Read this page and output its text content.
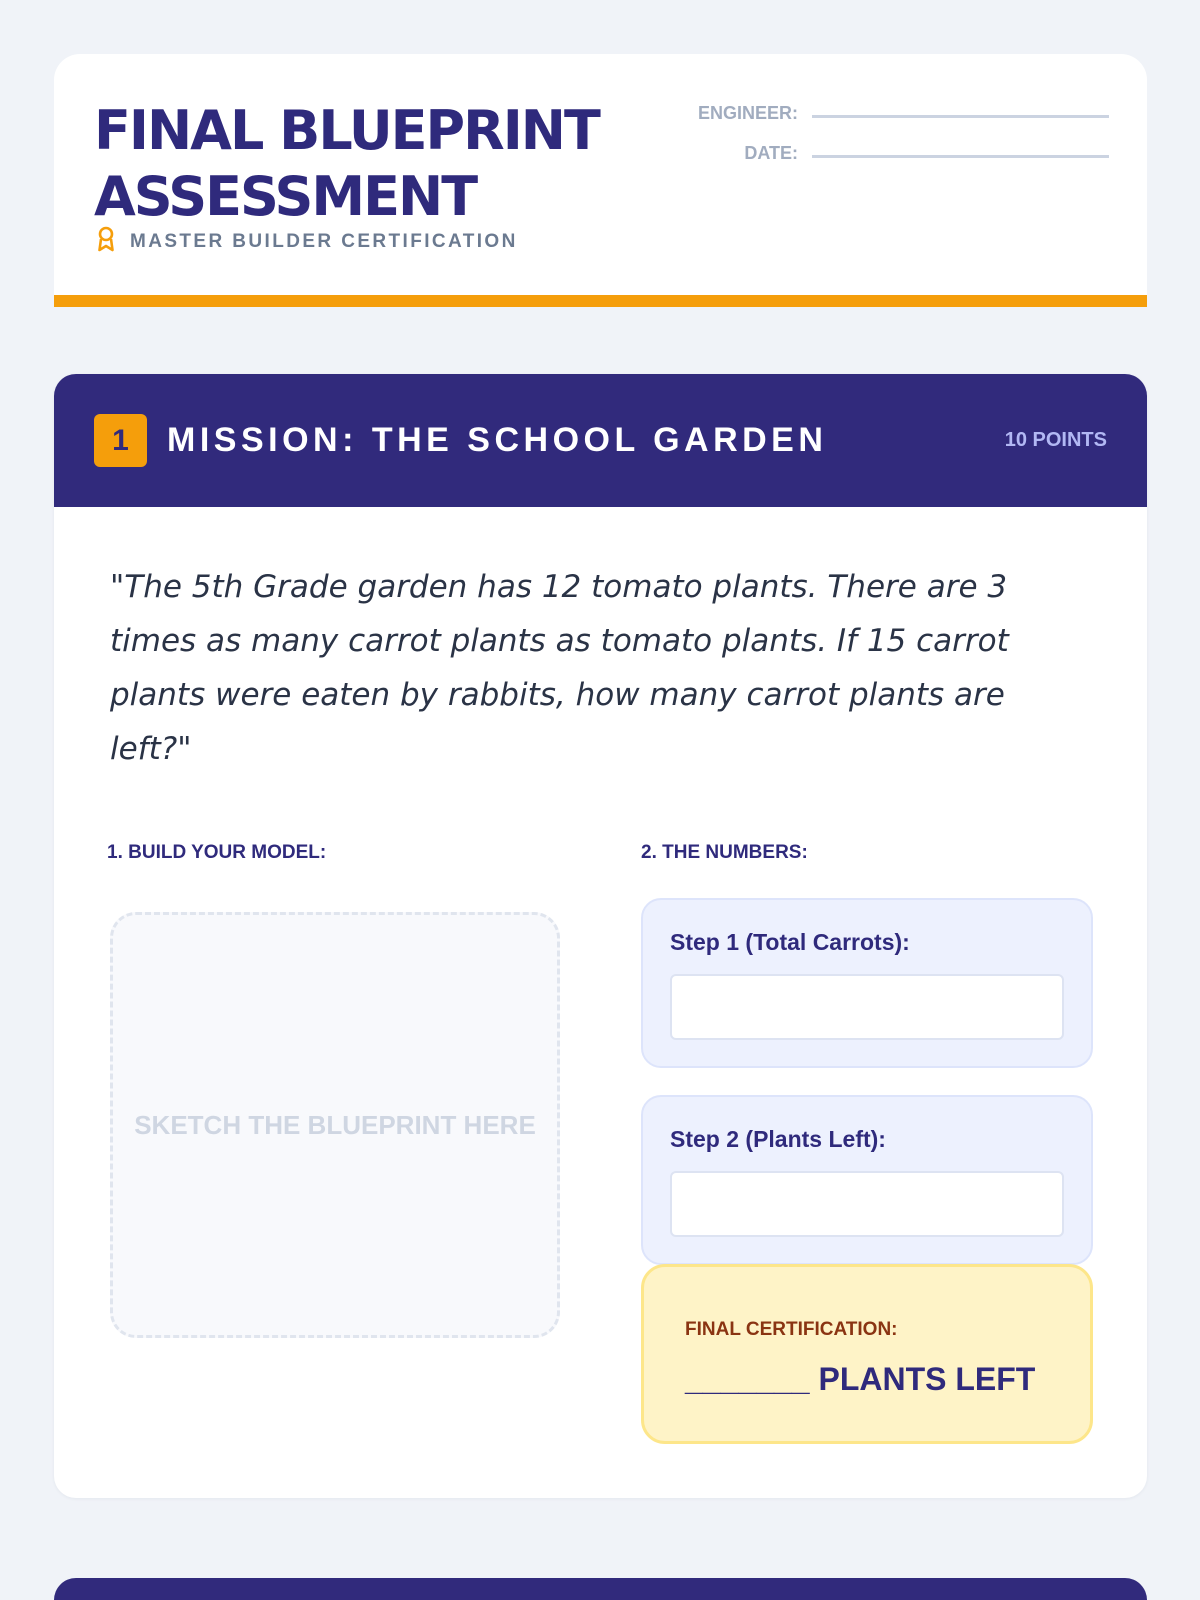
FINAL BLUEPRINT ASSESSMENT
MASTER BUILDER CERTIFICATION
ENGINEER:
DATE:
1	MISSION: THE SCHOOL GARDEN	10 POINTS
"The 5th Grade garden has 12 tomato plants. There are 3 times as many carrot plants as tomato plants. If 15 carrot plants were eaten by rabbits, how many carrot plants are left?"
1. BUILD YOUR MODEL:	2. THE NUMBERS:
SKETCH THE BLUEPRINT HERE
Step 1 (Total Carrots):
Step 2 (Plants Left):
FINAL CERTIFICATION:
_______ PLANTS LEFT
